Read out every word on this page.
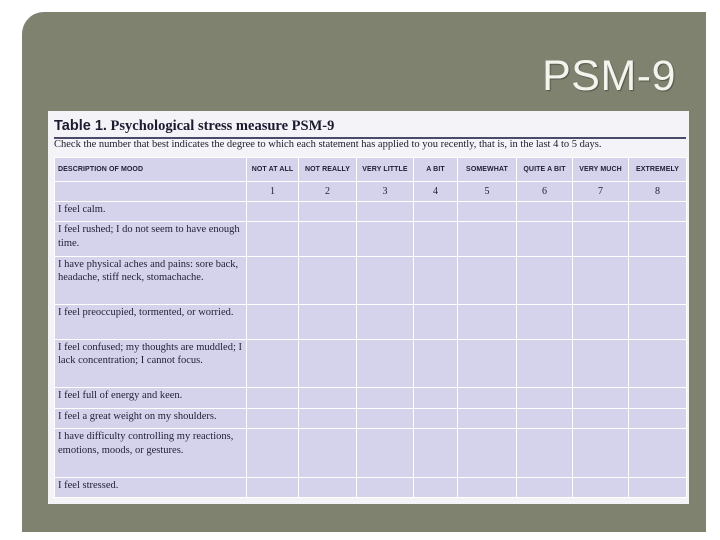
PSM-9
Table 1. Psychological stress measure PSM-9
Check the number that best indicates the degree to which each statement has applied to you recently, that is, in the last 4 to 5 days.
DESCRIPTION OF MOOD	NOT AT ALL	NOT REALLY	VERY LITTLE	A BIT	SOMEWHAT	QUITE A BIT	VERY MUCH	EXTREMELY
	1	2	3	4	5	6	7	8
I feel calm.								
I feel rushed; I do not seem to have enough time.								
I have physical aches and pains: sore back, headache, stiff neck, stomachache.								
I feel preoccupied, tormented, or worried.								
I feel confused; my thoughts are muddled; I lack concentration; I cannot focus.								
I feel full of energy and keen.								
I feel a great weight on my shoulders.								
I have difficulty controlling my reactions, emotions, moods, or gestures.								
I feel stressed.								
